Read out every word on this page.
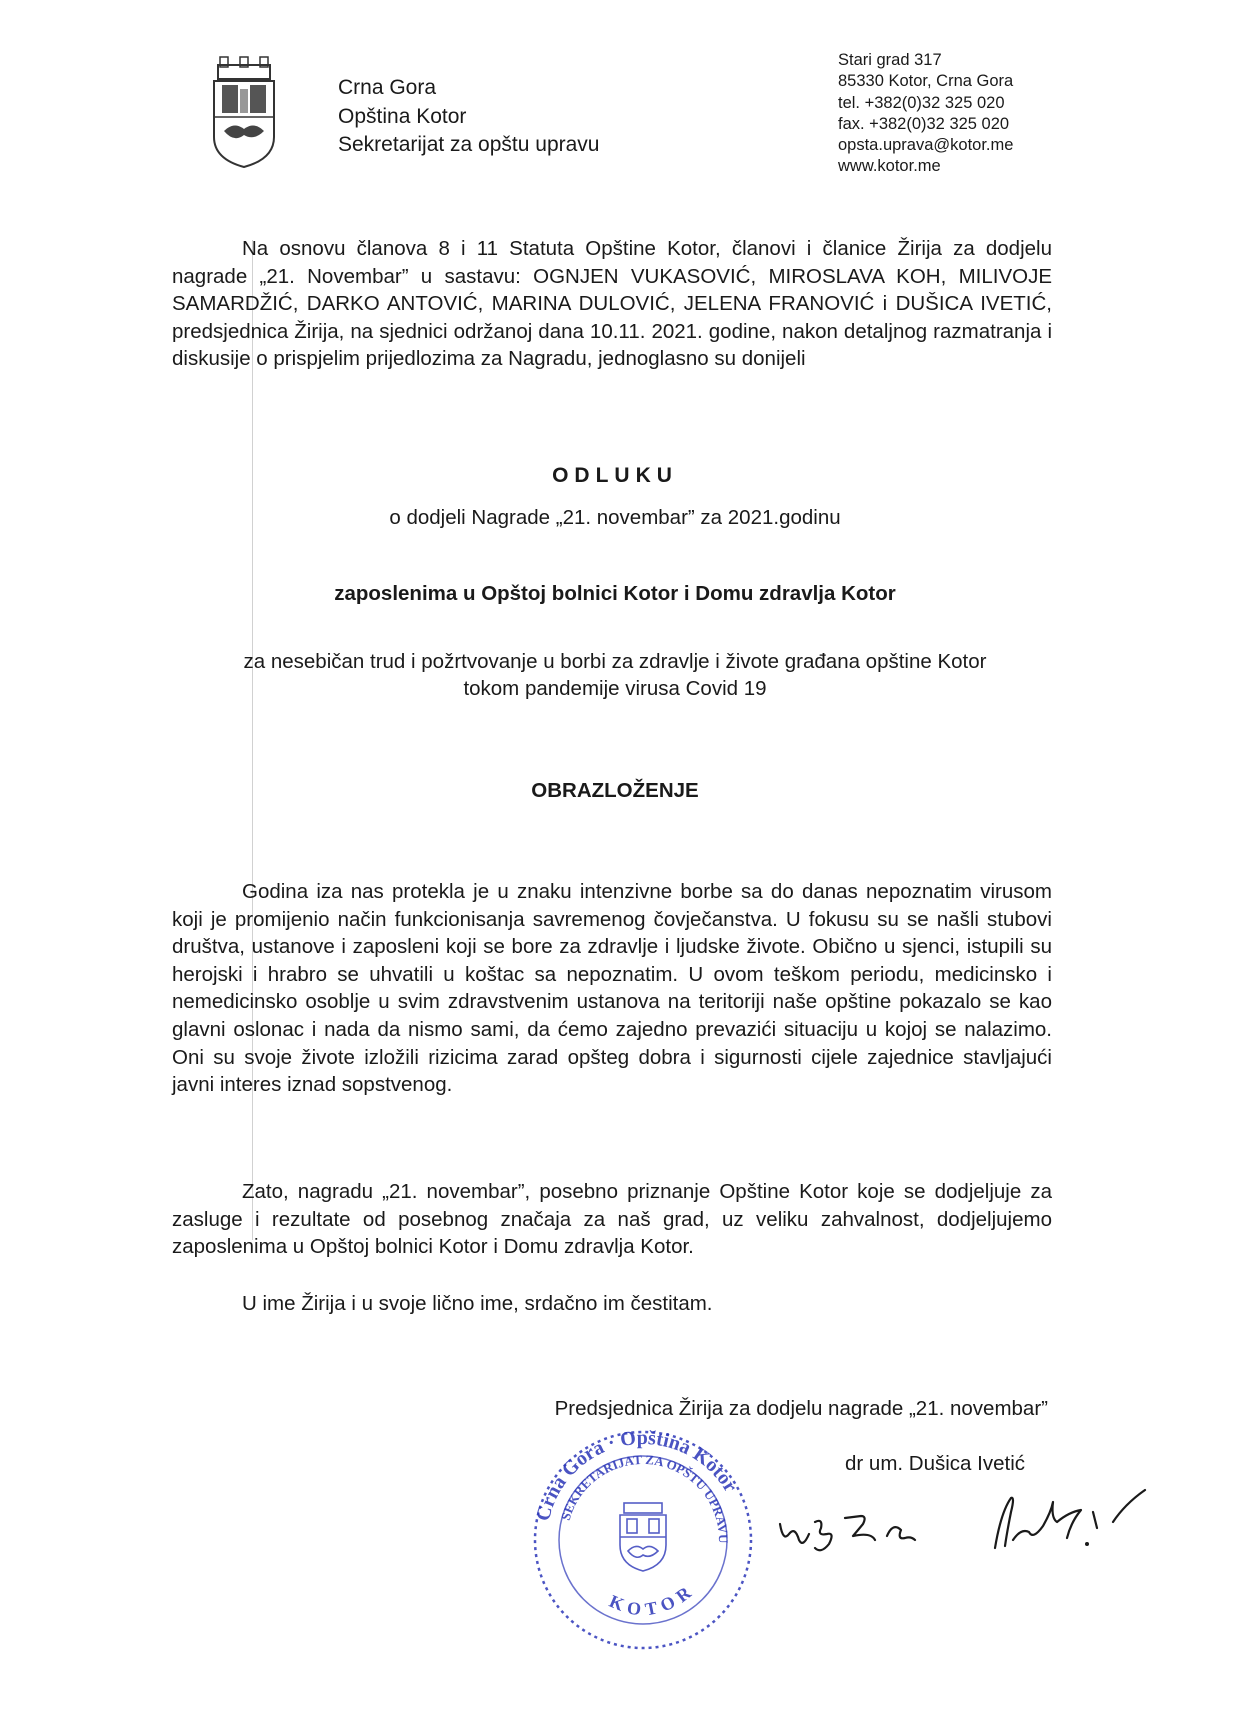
Crna Gora
Opština Kotor
Sekretarijat za opštu upravu
Stari grad 317
85330 Kotor, Crna Gora
tel. +382(0)32 325 020
fax. +382(0)32 325 020
opsta.uprava@kotor.me
www.kotor.me

Na osnovu članova 8 i 11 Statuta Opštine Kotor, članovi i članice Žirija za dodjelu nagrade „21. Novembar” u sastavu: OGNJEN VUKASOVIĆ, MIROSLAVA KOH, MILIVOJE SAMARDŽIĆ, DARKO ANTOVIĆ, MARINA DULOVIĆ, JELENA FRANOVIĆ i DUŠICA IVETIĆ, predsjednica Žirija, na sjednici održanoj dana 10.11. 2021. godine, nakon detaljnog razmatranja i diskusije o prispjelim prijedlozima za Nagradu, jednoglasno su donijeli

ODLUKU
o dodjeli Nagrade „21. novembar” za 2021.godinu
zaposlenima u Opštoj bolnici Kotor i Domu zdravlja Kotor
za nesebičan trud i požrtvovanje u borbi za zdravlje i živote građana opštine Kotor
tokom pandemije virusa Covid 19
OBRAZLOŽENJE

Godina iza nas protekla je u znaku intenzivne borbe sa do danas nepoznatim virusom koji je promijenio način funkcionisanja savremenog čovječanstva. U fokusu su se našli stubovi društva, ustanove i zaposleni koji se bore za zdravlje i ljudske živote. Obično u sjenci, istupili su herojski i hrabro se uhvatili u koštac sa nepoznatim. U ovom teškom periodu, medicinsko i nemedicinsko osoblje u svim zdravstvenim ustanova na teritoriji naše opštine pokazalo se kao glavni oslonac i nada da nismo sami, da ćemo zajedno prevazići situaciju u kojoj se nalazimo. Oni su svoje živote izložili rizicima zarad opšteg dobra i sigurnosti cijele zajednice stavljajući javni interes iznad sopstvenog.

Zato, nagradu „21. novembar”, posebno priznanje Opštine Kotor koje se dodjeljuje za zasluge i rezultate od posebnog značaja za naš grad, uz veliku zahvalnost, dodjeljujemo zaposlenima u Opštoj bolnici Kotor i Domu zdravlja Kotor.

U ime Žirija i u svoje lično ime, srdačno im čestitam.

Predsjednica Žirija za dodjelu nagrade „21. novembar”
dr um. Dušica Ivetić
Crna Gora · Opština Kotor
SEKRETARIJAT ZA OPŠTU UPRAVU
KOTOR
